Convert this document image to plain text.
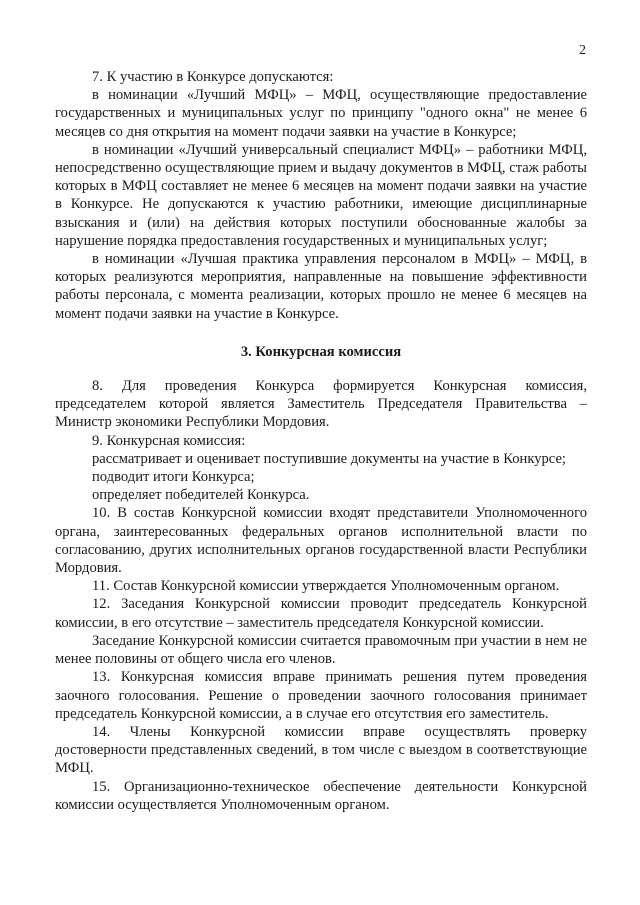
2

7. К участию в Конкурсе допускаются:

в номинации «Лучший МФЦ» – МФЦ, осуществляющие предоставление государственных и муниципальных услуг по принципу "одного окна" не менее 6 месяцев со дня открытия на момент подачи заявки на участие в Конкурсе;

в номинации «Лучший универсальный специалист МФЦ» – работники МФЦ, непосредственно осуществляющие прием и выдачу документов в МФЦ, стаж работы которых в МФЦ составляет не менее 6 месяцев на момент подачи заявки на участие в Конкурсе. Не допускаются к участию работники, имеющие дисциплинарные взыскания и (или) на действия которых поступили обоснованные жалобы за нарушение порядка предоставления государственных и муниципальных услуг;

в номинации «Лучшая практика управления персоналом в МФЦ» – МФЦ, в которых реализуются мероприятия, направленные на повышение эффективности работы персонала, с момента реализации, которых прошло не менее 6 месяцев на момент подачи заявки на участие в Конкурсе.

3. Конкурсная комиссия

8. Для проведения Конкурса формируется Конкурсная комиссия, председателем которой является Заместитель Председателя Правительства – Министр экономики Республики Мордовия.

9. Конкурсная комиссия:

рассматривает и оценивает поступившие документы на участие в Конкурсе;

подводит итоги Конкурса;

определяет победителей Конкурса.

10. В состав Конкурсной комиссии входят представители Уполномоченного органа, заинтересованных федеральных органов исполнительной власти по согласованию, других исполнительных органов государственной власти Республики Мордовия.

11. Состав Конкурсной комиссии утверждается Уполномоченным органом.

12. Заседания Конкурсной комиссии проводит председатель Конкурсной комиссии, в его отсутствие – заместитель председателя Конкурсной комиссии.

Заседание Конкурсной комиссии считается правомочным при участии в нем не менее половины от общего числа его членов.

13. Конкурсная комиссия вправе принимать решения путем проведения заочного голосования. Решение о проведении заочного голосования принимает председатель Конкурсной комиссии, а в случае его отсутствия его заместитель.

14. Члены Конкурсной комиссии вправе осуществлять проверку достоверности представленных сведений, в том числе с выездом в соответствующие МФЦ.

15. Организационно-техническое обеспечение деятельности Конкурсной комиссии осуществляется Уполномоченным органом.
